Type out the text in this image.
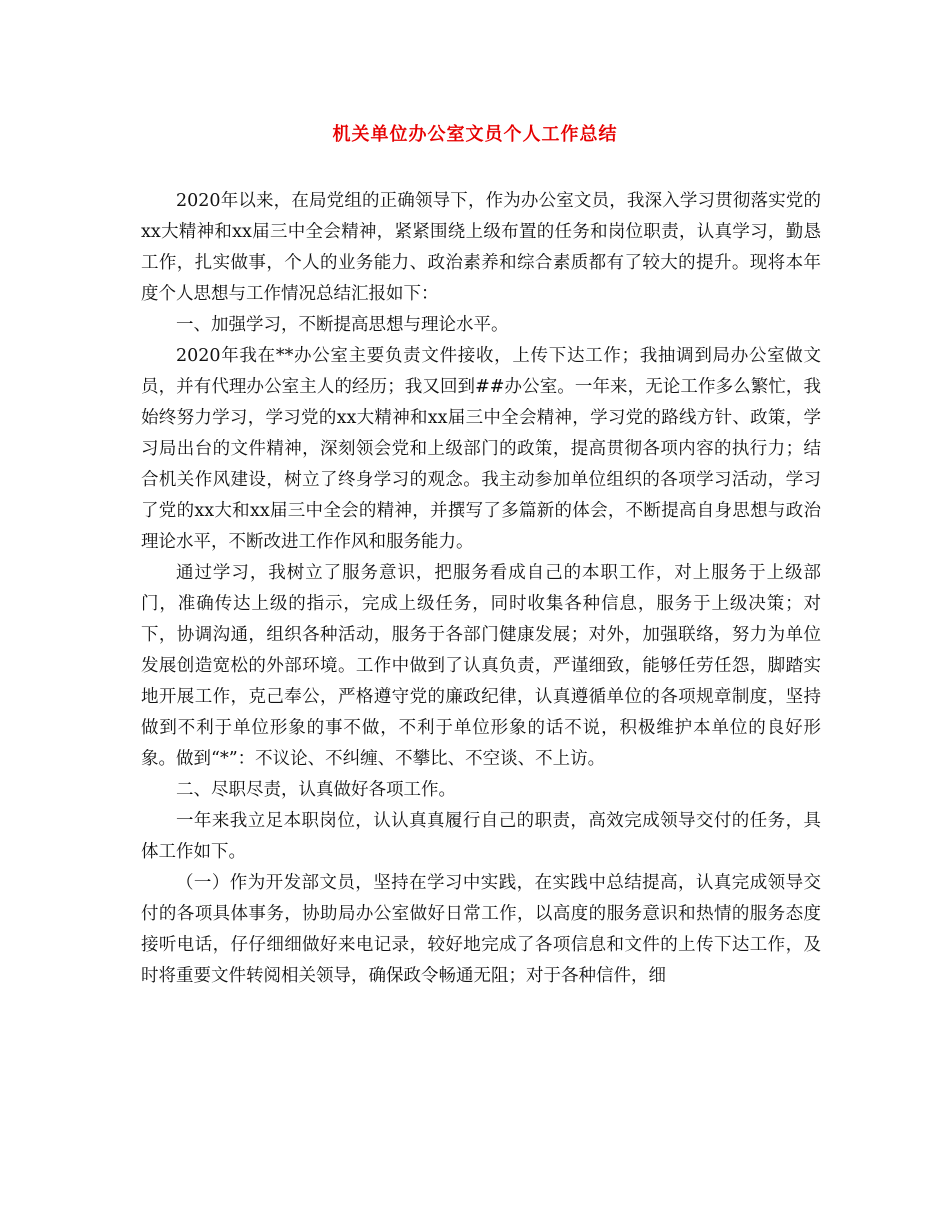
机关单位办公室文员个人工作总结

2020年以来，在局党组的正确领导下，作为办公室文员，我深入学习贯彻落实党的xx大精神和xx届三中全会精神，紧紧围绕上级布置的任务和岗位职责，认真学习，勤恳工作，扎实做事，个人的业务能力、政治素养和综合素质都有了较大的提升。现将本年度个人思想与工作情况总结汇报如下：

一、加强学习，不断提高思想与理论水平。

2020年我在**办公室主要负责文件接收，上传下达工作；我抽调到局办公室做文员，并有代理办公室主人的经历；我又回到##办公室。一年来，无论工作多么繁忙，我始终努力学习，学习党的xx大精神和xx届三中全会精神，学习党的路线方针、政策，学习局出台的文件精神，深刻领会党和上级部门的政策，提高贯彻各项内容的执行力；结合机关作风建设，树立了终身学习的观念。我主动参加单位组织的各项学习活动，学习了党的xx大和xx届三中全会的精神，并撰写了多篇新的体会，不断提高自身思想与政治理论水平，不断改进工作作风和服务能力。

通过学习，我树立了服务意识，把服务看成自己的本职工作，对上服务于上级部门，准确传达上级的指示，完成上级任务，同时收集各种信息，服务于上级决策；对下，协调沟通，组织各种活动，服务于各部门健康发展；对外，加强联络，努力为单位发展创造宽松的外部环境。工作中做到了认真负责，严谨细致，能够任劳任怨，脚踏实地开展工作，克己奉公，严格遵守党的廉政纪律，认真遵循单位的各项规章制度，坚持做到不利于单位形象的事不做，不利于单位形象的话不说，积极维护本单位的良好形象。做到“*”：不议论、不纠缠、不攀比、不空谈、不上访。

二、尽职尽责，认真做好各项工作。

一年来我立足本职岗位，认认真真履行自己的职责，高效完成领导交付的任务，具体工作如下。

（一）作为开发部文员，坚持在学习中实践，在实践中总结提高，认真完成领导交付的各项具体事务，协助局办公室做好日常工作，以高度的服务意识和热情的服务态度接听电话，仔仔细细做好来电记录，较好地完成了各项信息和文件的上传下达工作，及时将重要文件转阅相关领导，确保政令畅通无阻；对于各种信件，细
